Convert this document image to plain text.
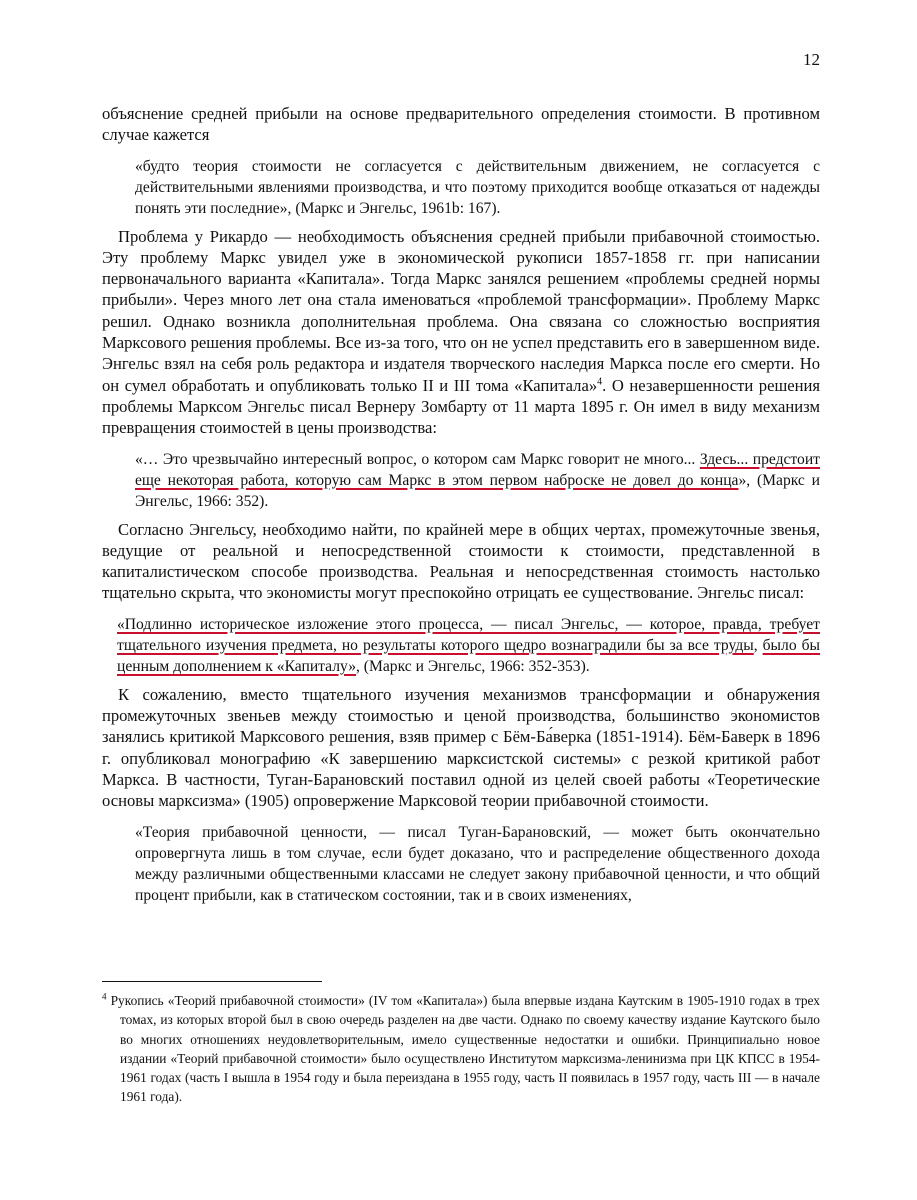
12

объяснение средней прибыли на основе предварительного определения стоимости. В противном случае кажется

«будто теория стоимости не согласуется с действительным движением, не согласуется с действительными явлениями производства, и что поэтому приходится вообще отказаться от надежды понять эти последние», (Маркс и Энгельс, 1961b: 167).

Проблема у Рикардо — необходимость объяснения средней прибыли прибавочной стоимостью. Эту проблему Маркс увидел уже в экономической рукописи 1857-1858 гг. при написании первоначального варианта «Капитала». Тогда Маркс занялся решением «проблемы средней нормы прибыли». Через много лет она стала именоваться «проблемой трансформации». Проблему Маркс решил. Однако возникла дополнительная проблема. Она связана со сложностью восприятия Марксового решения проблемы. Все из-за того, что он не успел представить его в завершенном виде. Энгельс взял на себя роль редактора и издателя творческого наследия Маркса после его смерти. Но он сумел обработать и опубликовать только II и III тома «Капитала»$^4$. О незавершенности решения проблемы Марксом Энгельс писал Вернеру Зомбарту от 11 марта 1895 г. Он имел в виду механизм превращения стоимостей в цены производства:

«… Это чрезвычайно интересный вопрос, о котором сам Маркс говорит не много... Здесь... предстоит еще некоторая работа, которую сам Маркс в этом первом наброске не довел до конца», (Маркс и Энгельс, 1966: 352).

Согласно Энгельсу, необходимо найти, по крайней мере в общих чертах, промежуточные звенья, ведущие от реальной и непосредственной стоимости к стоимости, представленной в капиталистическом способе производства. Реальная и непосредственная стоимость настолько тщательно скрыта, что экономисты могут преспокойно отрицать ее существование. Энгельс писал:

«Подлинно историческое изложение этого процесса, — писал Энгельс, — которое, правда, требует тщательного изучения предмета, но результаты которого щедро вознаградили бы за все труды, было бы ценным дополнением к «Капиталу», (Маркс и Энгельс, 1966: 352-353).

К сожалению, вместо тщательного изучения механизмов трансформации и обнаружения промежуточных звеньев между стоимостью и ценой производства, большинство экономистов занялись критикой Марксового решения, взяв пример с Бём-Ба́верка (1851-1914). Бём-Баверк в 1896 г. опубликовал монографию «К завершению марксистской системы» с резкой критикой работ Маркса. В частности, Туган-Барановский поставил одной из целей своей работы «Теоретические основы марксизма» (1905) опровержение Марксовой теории прибавочной стоимости.

«Теория прибавочной ценности, — писал Туган-Барановский, — может быть окончательно опровергнута лишь в том случае, если будет доказано, что и распределение общественного дохода между различными общественными классами не следует закону прибавочной ценности, и что общий процент прибыли, как в статическом состоянии, так и в своих изменениях,

$^4$ Рукопись «Теорий прибавочной стоимости» (IV том «Капитала») была впервые издана Каутским в 1905-1910 годах в трех томах, из которых второй был в свою очередь разделен на две части. Однако по своему качеству издание Каутского было во многих отношениях неудовлетворительным, имело существенные недостатки и ошибки. Принципиально новое издании «Теорий прибавочной стоимости» было осуществлено Институтом марксизма-ленинизма при ЦК КПСС в 1954-1961 годах (часть I вышла в 1954 году и была переиздана в 1955 году, часть II появилась в 1957 году, часть III — в начале 1961 года).
